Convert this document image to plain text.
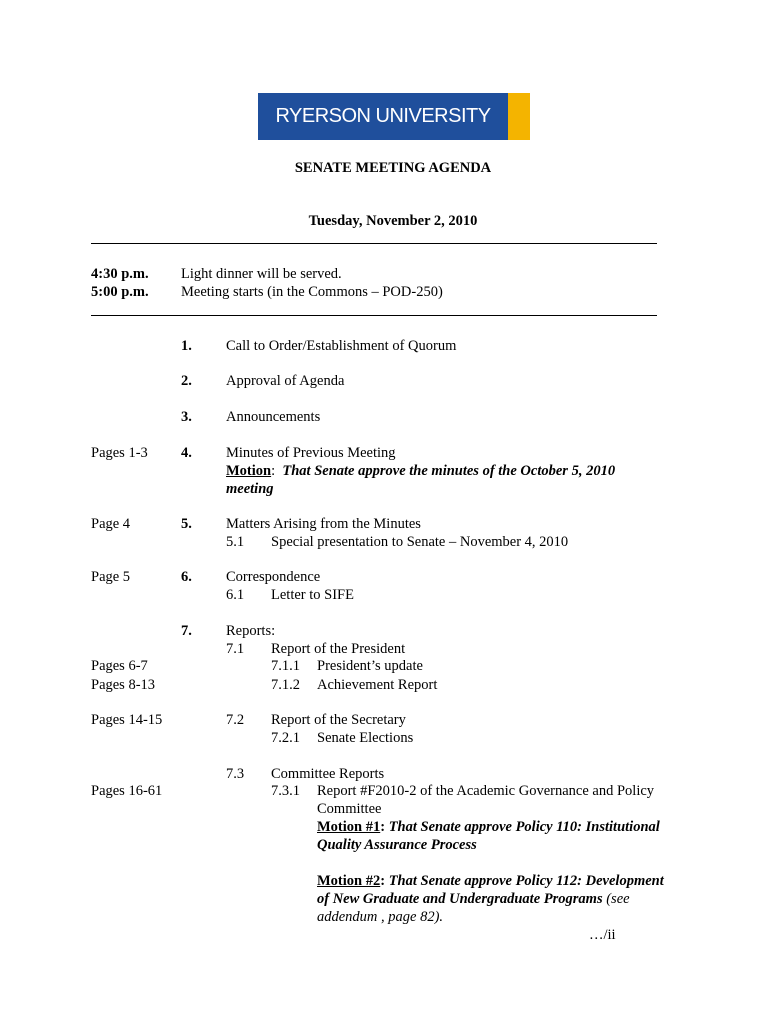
RYERSON UNIVERSITY
SENATE MEETING AGENDA
Tuesday, November 2, 2010
4:30 p.m. Light dinner will be served.
5:00 p.m. Meeting starts (in the Commons – POD-250)
1. Call to Order/Establishment of Quorum
2. Approval of Agenda
3. Announcements
Pages 1-3 4. Minutes of Previous Meeting
Motion: That Senate approve the minutes of the October 5, 2010
meeting
Page 4	5. Matters Arising from the Minutes
5.1 Special presentation to Senate – November 4, 2010
Page 5	6. Correspondence
6.1 Letter to SIFE
7. Reports:
7.1 Report of the President
Pages 6-7	7.1.1 President’s update
Pages 8-13	7.1.2 Achievement Report
Pages 14-15	7.2 Report of the Secretary
7.2.1 Senate Elections
7.3 Committee Reports
Pages 16-61	7.3.1 Report #F2010-2 of the Academic Governance and Policy
Committee
Motion #1: That Senate approve Policy 110: Institutional
Quality Assurance Process
Motion #2: That Senate approve Policy 112: Development
of New Graduate and Undergraduate Programs (see
addendum , page 82).
…/ii
